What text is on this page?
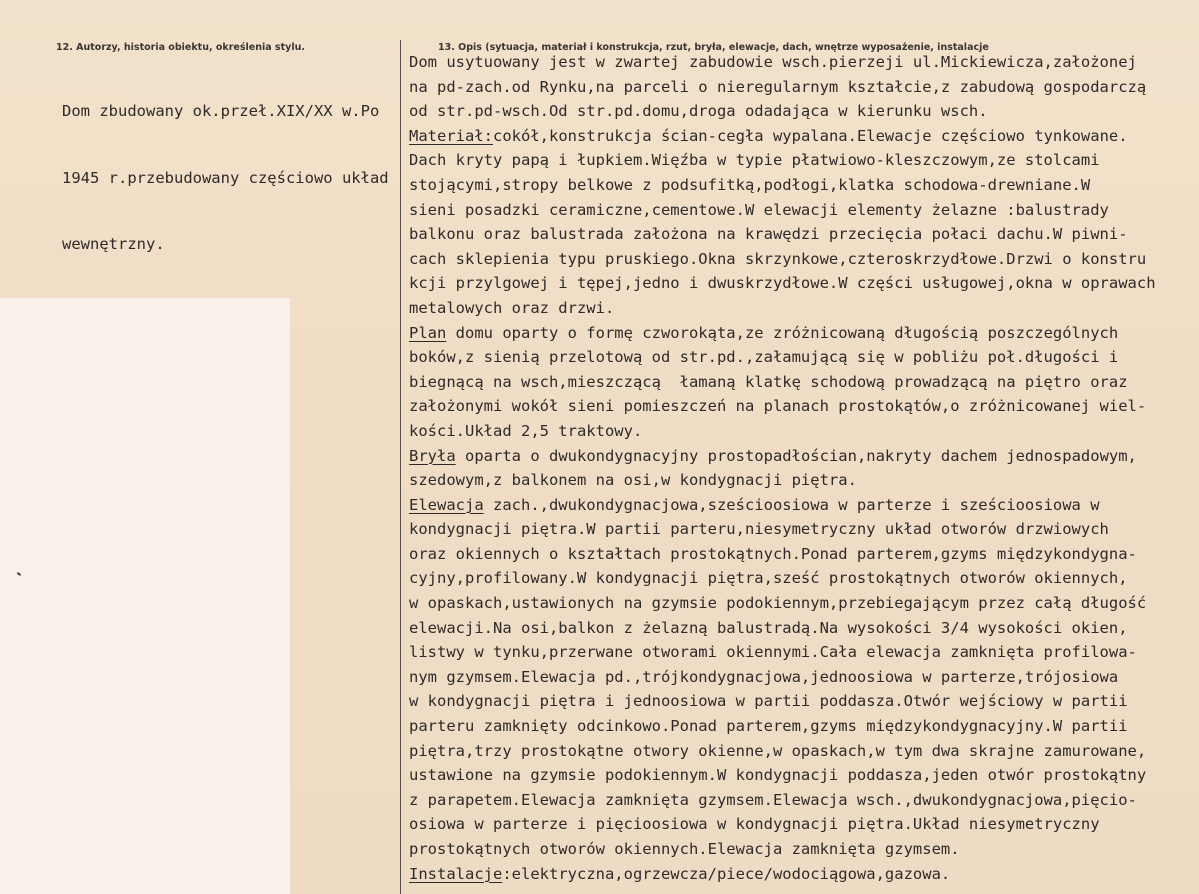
12. Autorzy, historia obiektu, określenia stylu.	13. Opis (sytuacja, materiał i konstrukcja, rzut, bryła, elewacje, dach, wnętrze wyposażenie, instalacje

Dom zbudowany ok.przeł.XIX/XX w.Po

1945 r.przebudowany częściowo układ

wewnętrzny.

Dom usytuowany jest w zwartej zabudowie wsch.pierzeji ul.Mickiewicza,założonej
na pd-zach.od Rynku,na parceli o nieregularnym kształcie,z zabudową gospodarczą
od str.pd-wsch.Od str.pd.domu,droga odadająca w kierunku wsch.
Materiał:cokół,konstrukcja ścian-cegła wypalana.Elewacje częściowo tynkowane.
Dach kryty papą i łupkiem.Więźba w typie płatwiowo-kleszczowym,ze stolcami
stojącymi,stropy belkowe z podsufitką,podłogi,klatka schodowa-drewniane.W
sieni posadzki ceramiczne,cementowe.W elewacji elementy żelazne :balustrady
balkonu oraz balustrada założona na krawędzi przecięcia połaci dachu.W piwni-
cach sklepienia typu pruskiego.Okna skrzynkowe,czteroskrzydłowe.Drzwi o konstru
kcji przylgowej i tępej,jedno i dwuskrzydłowe.W części usługowej,okna w oprawach
metalowych oraz drzwi.
Plan domu oparty o formę czworokąta,ze zróżnicowaną długością poszczególnych
boków,z sienią przelotową od str.pd.,załamującą się w pobliżu poł.długości i
biegnącą na wsch,mieszczącą  łamaną klatkę schodową prowadzącą na piętro oraz
założonymi wokół sieni pomieszczeń na planach prostokątów,o zróżnicowanej wiel-
kości.Układ 2,5 traktowy.
Bryła oparta o dwukondygnacyjny prostopadłościan,nakryty dachem jednospadowym,
szedowym,z balkonem na osi,w kondygnacji piętra.
Elewacja zach.,dwukondygnacjowa,sześcioosiowa w parterze i sześcioosiowa w
kondygnacji piętra.W partii parteru,niesymetryczny układ otworów drzwiowych
oraz okiennych o kształtach prostokątnych.Ponad parterem,gzyms międzykondygna-
cyjny,profilowany.W kondygnacji piętra,sześć prostokątnych otworów okiennych,
w opaskach,ustawionych na gzymsie podokiennym,przebiegającym przez całą długość
elewacji.Na osi,balkon z żelazną balustradą.Na wysokości 3/4 wysokości okien,
listwy w tynku,przerwane otworami okiennymi.Cała elewacja zamknięta profilowa-
nym gzymsem.Elewacja pd.,trójkondygnacjowa,jednoosiowa w parterze,trójosiowa
w kondygnacji piętra i jednoosiowa w partii poddasza.Otwór wejściowy w partii
parteru zamknięty odcinkowo.Ponad parterem,gzyms międzykondygnacyjny.W partii
piętra,trzy prostokątne otwory okienne,w opaskach,w tym dwa skrajne zamurowane,
ustawione na gzymsie podokiennym.W kondygnacji poddasza,jeden otwór prostokątny
z parapetem.Elewacja zamknięta gzymsem.Elewacja wsch.,dwukondygnacjowa,pięcio-
osiowa w parterze i pięcioosiowa w kondygnacji piętra.Układ niesymetryczny
prostokątnych otworów okiennych.Elewacja zamknięta gzymsem.
Instalacje:elektryczna,ogrzewcza/piece/wodociągowa,gazowa.
